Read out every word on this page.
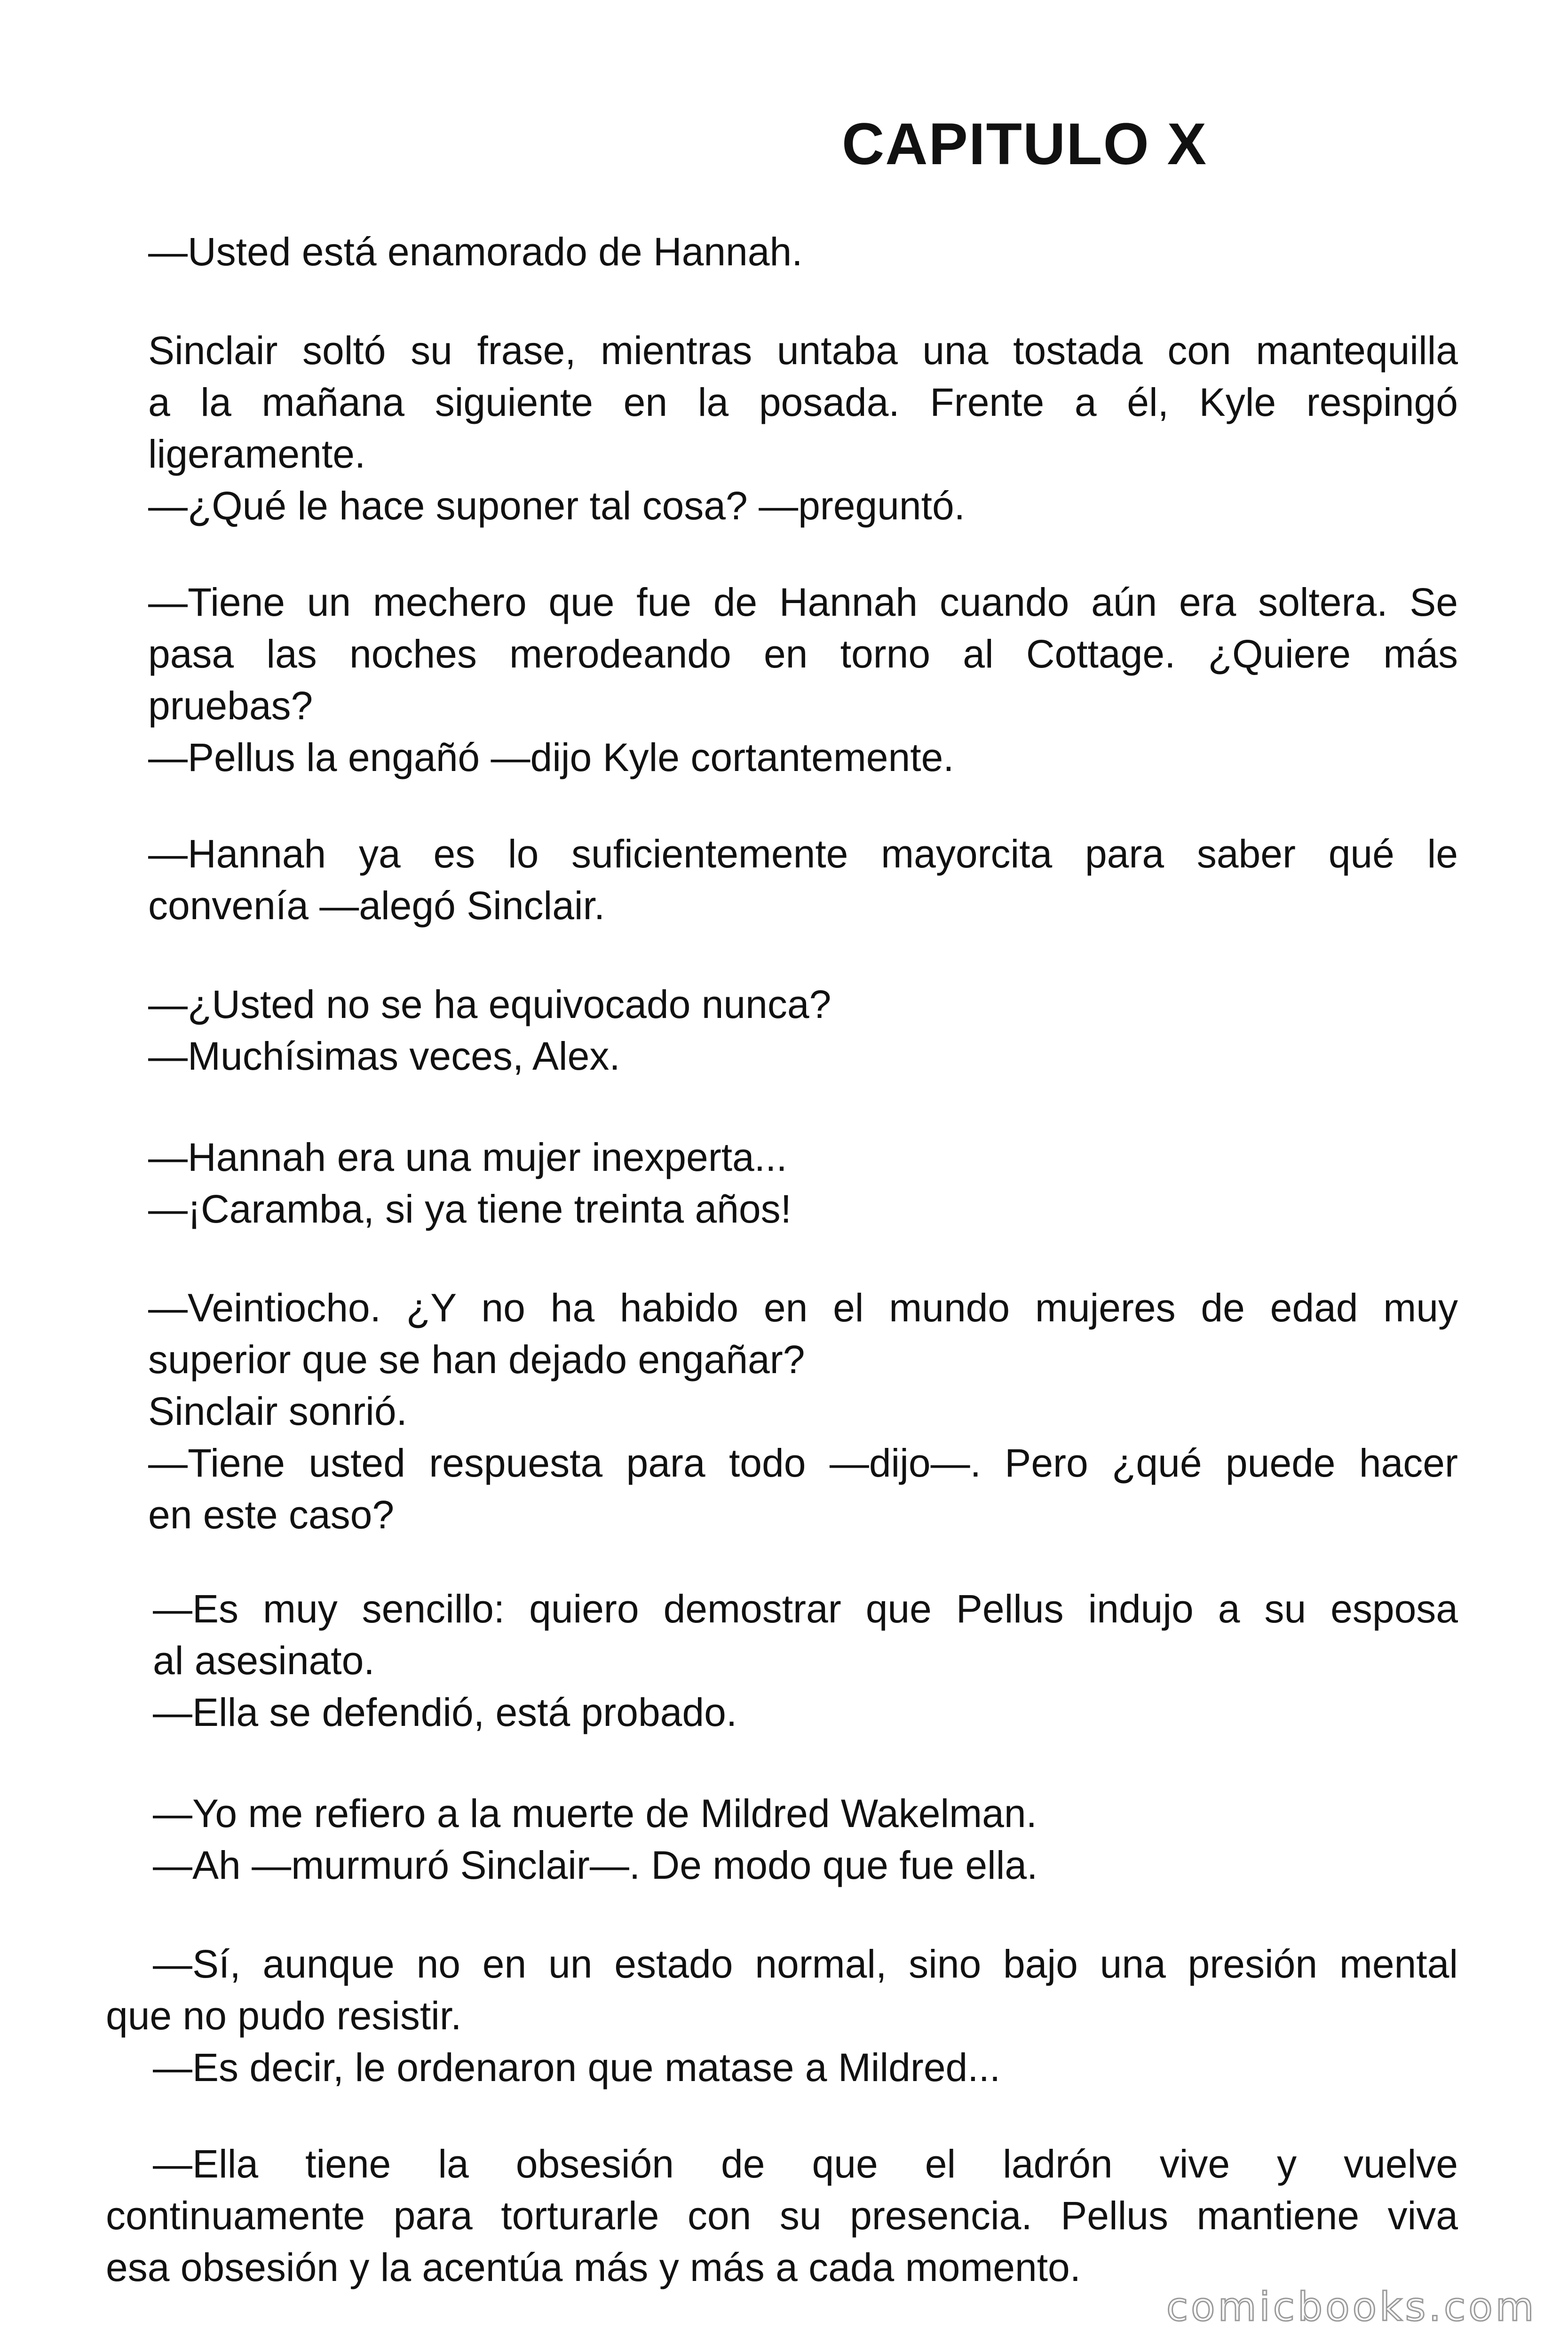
CAPITULO X

—Usted está enamorado de Hannah.

Sinclair soltó su frase, mientras untaba una tostada con mantequilla
a la mañana siguiente en la posada. Frente a él, Kyle respingó
ligeramente.
—¿Qué le hace suponer tal cosa? —preguntó.

—Tiene un mechero que fue de Hannah cuando aún era soltera. Se
pasa las noches merodeando en torno al Cottage. ¿Quiere más
pruebas?
—Pellus la engañó —dijo Kyle cortantemente.

—Hannah ya es lo suficientemente mayorcita para saber qué le
convenía —alegó Sinclair.

—¿Usted no se ha equivocado nunca?
—Muchísimas veces, Alex.

—Hannah era una mujer inexperta...
—¡Caramba, si ya tiene treinta años!

—Veintiocho. ¿Y no ha habido en el mundo mujeres de edad muy
superior que se han dejado engañar?
Sinclair sonrió.
—Tiene usted respuesta para todo —dijo—. Pero ¿qué puede hacer
en este caso?

—Es muy sencillo: quiero demostrar que Pellus indujo a su esposa
al asesinato.
—Ella se defendió, está probado.

—Yo me refiero a la muerte de Mildred Wakelman.
—Ah —murmuró Sinclair—. De modo que fue ella.

—Sí, aunque no en un estado normal, sino bajo una presión mental
que no pudo resistir.
—Es decir, le ordenaron que matase a Mildred...

—Ella tiene la obsesión de que el ladrón vive y vuelve
continuamente para torturarle con su presencia. Pellus mantiene viva
esa obsesión y la acentúa más y más a cada momento.

comicbooks.com
